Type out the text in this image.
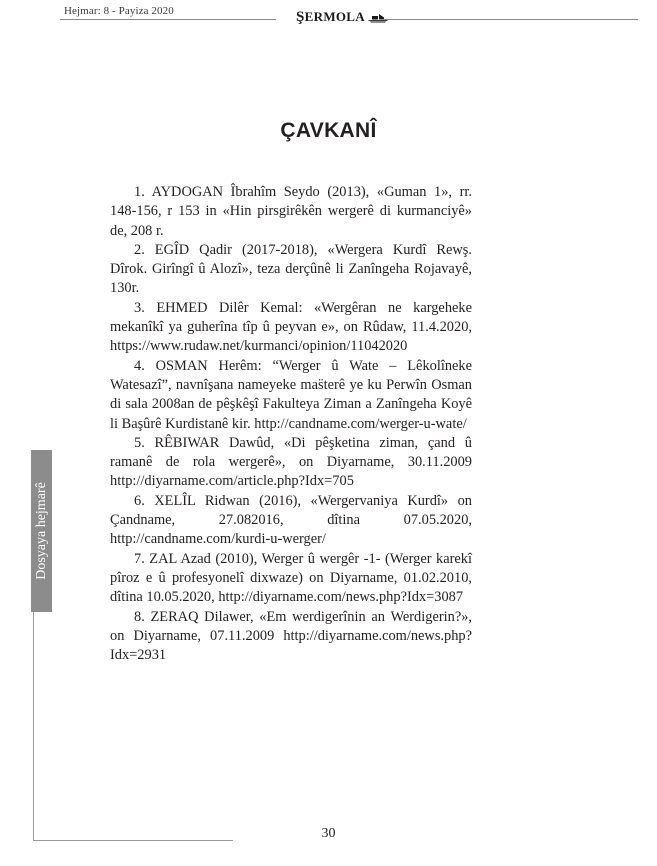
Hejmar: 8 - Payiza 2020	ŞERMOLA
Dosyaya hejmarê
ÇAVKANÎ

1. AYDOGAN Îbrahîm Seydo (2013), «Guman 1», rr. 148-156, r 153 in «Hin pirsgirêkên wergerê di kurmanciyê» de, 208 r.

2. EGÎD Qadir (2017-2018), «Wergera Kurdî Rewş. Dîrok. Girîngî û Alozî», teza derçûnê li Zanîngeha Rojavayê, 130r.

3. EHMED Dilêr Kemal: «Wergêran ne kargeheke mekanîkî ya guherîna tîp û peyvan e», on Rûdaw, 11.4.2020, https://www.rudaw.net/kurmanci/opinion/11042020

4. OSMAN Herêm: “Werger û Wate – Lêkolîneke Watesazî”, navnîşana nameyeke mas̈terê ye ku Perwîn Osman di sala 2008an de pêşkêşî Fakulteya Ziman a Zanîngeha Koyê li Başûrê Kurdistanê kir. http://candname.com/werger-u-wate/

5. RÊBIWAR Dawûd, «Di pêşketina ziman, çand û ramanê de rola wergerê», on Diyarname, 30.11.2009 http://diyarname.com/article.php?Idx=705

6. XELÎL Ridwan (2016), «Wergervaniya Kurdî» on Çandname, 27.082016, dîtina 07.05.2020, http://candname.com/kurdi-u-werger/

7. ZAL Azad (2010), Werger û wergêr -1- (Werger karekî pîroz e û profesyonelî dixwaze) on Diyarname, 01.02.2010, dîtina 10.05.2020, http://diyarname.com/news.php?Idx=3087

8. ZERAQ Dilawer, «Em werdigerînin an Werdigerin?», on Diyarname, 07.11.2009 http://diyarname.com/news.php?Idx=2931

30
